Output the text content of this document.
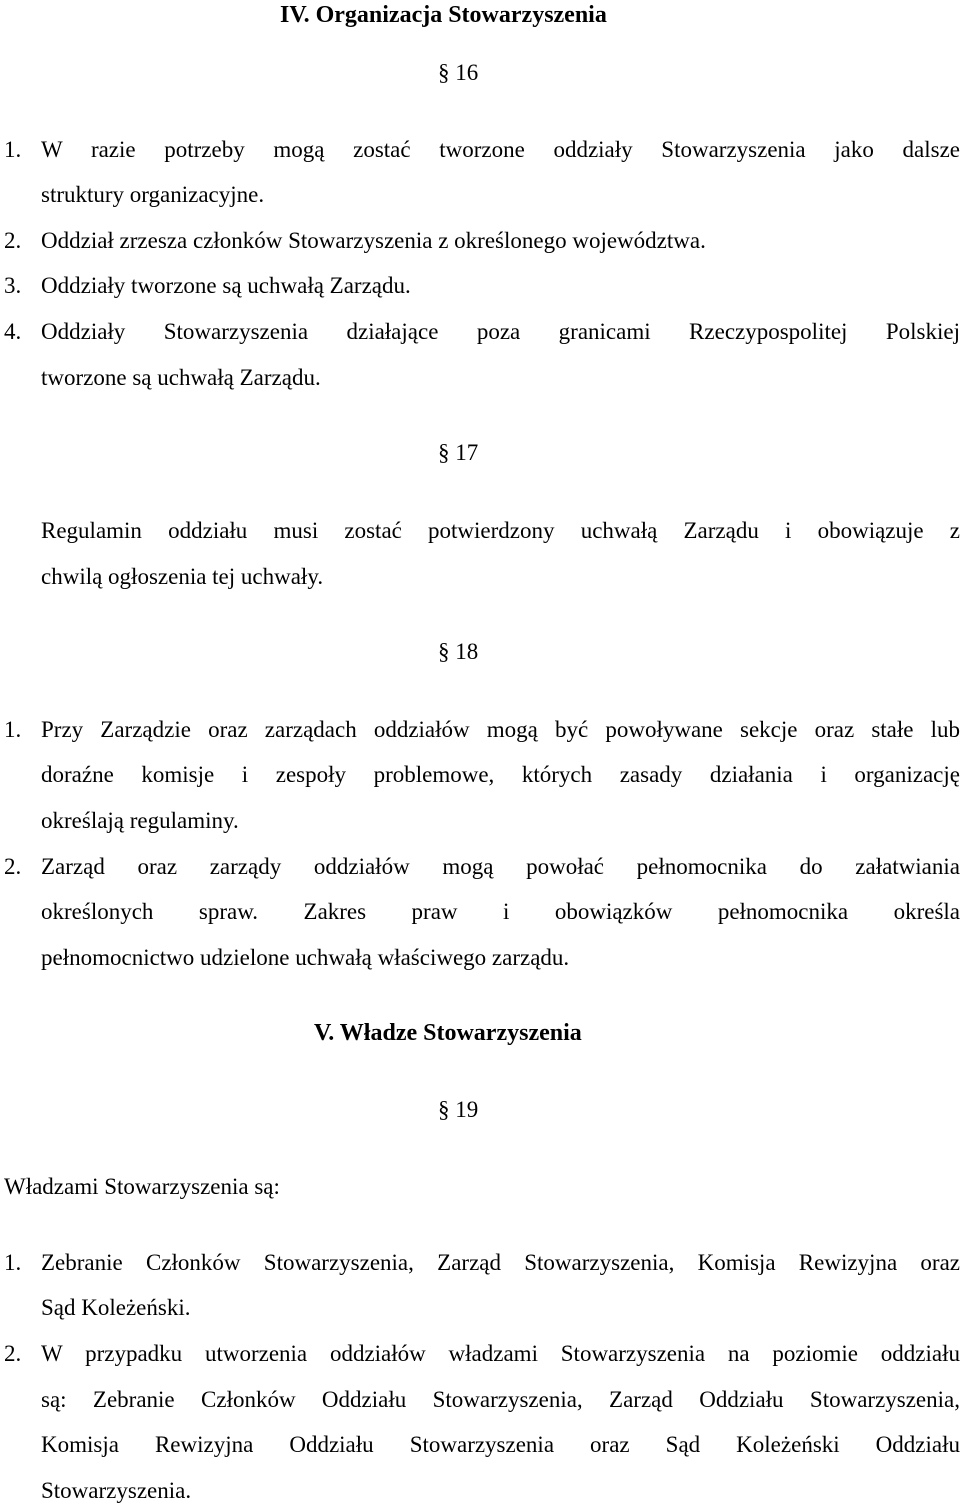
IV. Organizacja Stowarzyszenia
§ 16
1. W razie potrzeby mogą zostać tworzone oddziały Stowarzyszenia jako dalsze
struktury organizacyjne.
2. Oddział zrzesza członków Stowarzyszenia z określonego województwa.
3. Oddziały tworzone są uchwałą Zarządu.
4. Oddziały Stowarzyszenia działające poza granicami Rzeczypospolitej Polskiej
tworzone są uchwałą Zarządu.
§ 17
Regulamin oddziału musi zostać potwierdzony uchwałą Zarządu i obowiązuje z
chwilą ogłoszenia tej uchwały.
§ 18
1. Przy Zarządzie oraz zarządach oddziałów mogą być powoływane sekcje oraz stałe lub
doraźne komisje i zespoły problemowe, których zasady działania i organizację
określają regulaminy.
2. Zarząd oraz zarządy oddziałów mogą powołać pełnomocnika do załatwiania
określonych spraw. Zakres praw i obowiązków pełnomocnika określa
pełnomocnictwo udzielone uchwałą właściwego zarządu.
V. Władze Stowarzyszenia
§ 19
Władzami Stowarzyszenia są:
1. Zebranie Członków Stowarzyszenia, Zarząd Stowarzyszenia, Komisja Rewizyjna oraz
Sąd Koleżeński.
2. W przypadku utworzenia oddziałów władzami Stowarzyszenia na poziomie oddziału
są: Zebranie Członków Oddziału Stowarzyszenia, Zarząd Oddziału Stowarzyszenia,
Komisja Rewizyjna Oddziału Stowarzyszenia oraz Sąd Koleżeński Oddziału
Stowarzyszenia.
